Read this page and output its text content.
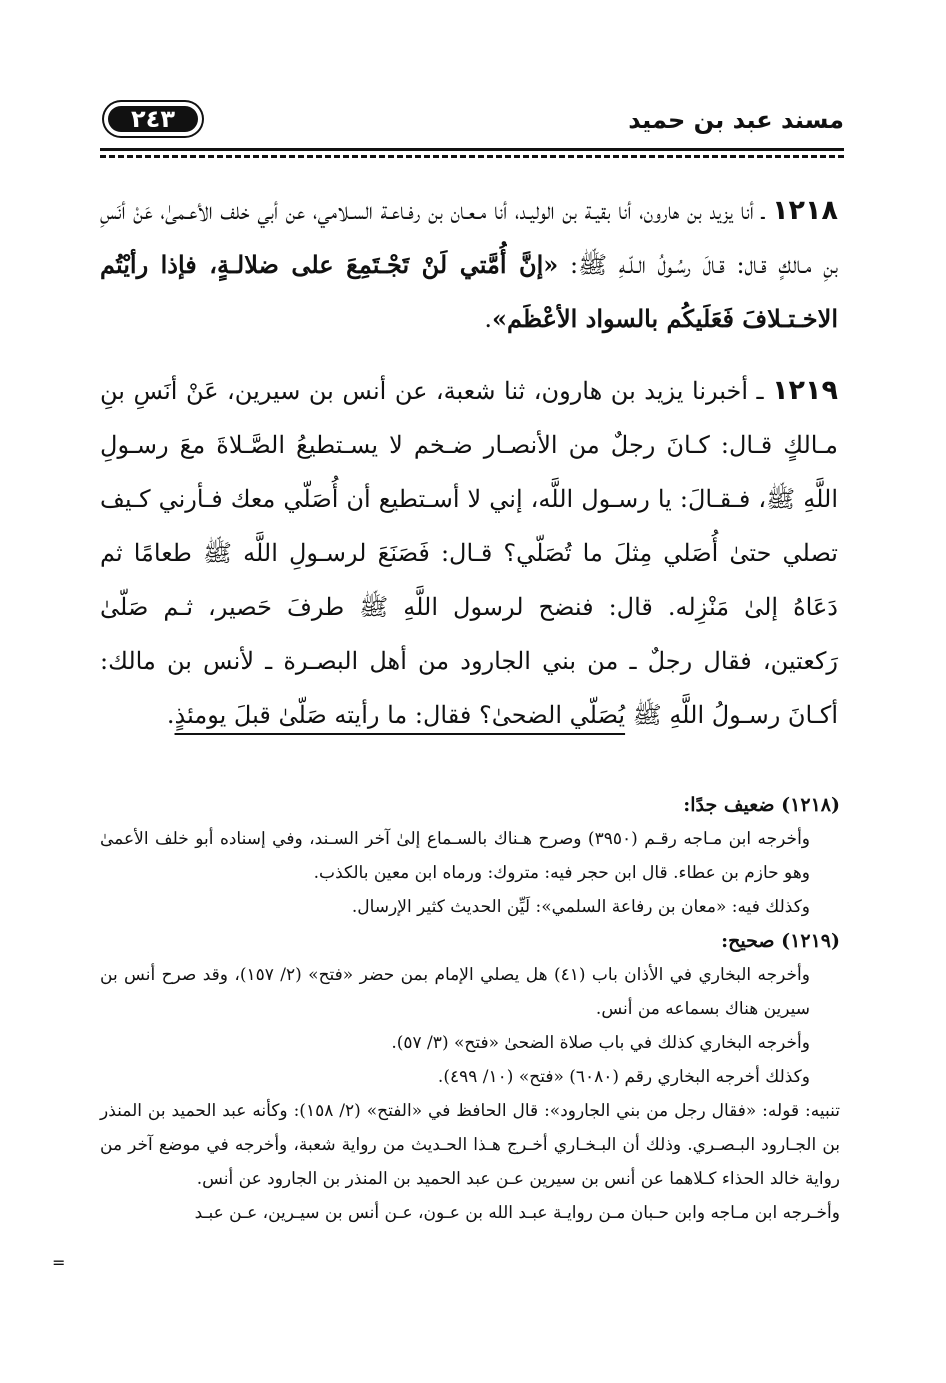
٢٤٣	مسند عبد بن حميد

١٢١٨ ـ أنا يزيد بن هارون، أنا بقيـة بن الوليـد، أنا مـعـان بن رفـاعـة السـلامي، عن أبي خلف الأعـمىٰ، عَنْ أنَسِ بنِ مـالكٍ قـال: قـالَ رسُـولُ الـلّـهِ ﷺ: «إنَّ أُمَّتي لَنْ تَجْـتَمِعَ على ضلالـةٍ، فإذا رأيْتُم الاخـتـلافَ فَعَلَيكُم بالسواد الأعْظَم».

١٢١٩ ـ أخبرنا يزيد بن هارون، ثنا شعبة، عن أنس بن سيرين، عَنْ أنَسِ بنِ مـالكٍ قـال: كـانَ رجلٌ من الأنصـار ضـخم لا يسـتطيعُ الصَّـلاةَ معَ رسـولِ اللَّهِ ﷺ، فـقـالَ: يا رسـول اللَّه، إني لا أسـتطيع أن أُصَلّي معك فـأرني كـيف تصلي حتىٰ أُصَلي مِثلَ ما تُصَلّي؟ قـال: فَصَنَعَ لرسـولِ اللَّه ﷺ طعامًا ثم دَعَاهُ إلىٰ مَنْزِله. قال: فنضح لرسول اللَّهِ ﷺ طرفَ حَصير، ثـم صَلّىٰ رَكعتين، فقال رجلٌ ـ من بني الجارود من أهل البصـرة ـ لأنس بن مالك: أكـانَ رسـولُ اللَّهِ ﷺ يُصَلّي الضحىٰ؟ فقال: ما رأيته صَلّىٰ قبلَ يومئذٍ.

(١٢١٨) ضعيف جدًا:

وأخرجه ابن مـاجه رقـم (٣٩٥٠) وصرح هـناك بالسـماع إلىٰ آخر السـند، وفي إسناده أبو خلف الأعمىٰ وهو حازم بن عطاء. قال ابن حجر فيه: متروك: ورماه ابن معين بالكذب.

وكذلك فيه: «معان بن رفاعة السلمي»: لَيِّن الحديث كثير الإرسال.

(١٢١٩) صحيح:

وأخرجه البخاري في الأذان باب (٤١) هل يصلي الإمام بمن حضر «فتح» (٢/ ١٥٧)، وقد صرح أنس بن سيرين هناك بسماعه من أنس.

وأخرجه البخاري كذلك في باب صلاة الضحىٰ «فتح» (٣/ ٥٧).

وكذلك أخرجه البخاري رقم (٦٠٨٠) «فتح» (١٠/ ٤٩٩).

تنبيه: قوله: «فقال رجل من بني الجارود»: قال الحافظ في «الفتح» (٢/ ١٥٨): وكأنه عبد الحميد بن المنذر بن الجـارود البـصـري. وذلك أن البـخـاري أخـرج هـذا الحـديث من رواية شعبة، وأخرجه في موضع آخر من رواية خالد الحذاء كـلاهما عن أنس بن سيرين عـن عبد الحميد بن المنذر بن الجارود عن أنس.

وأخـرجه ابن مـاجه وابن حـبان مـن روايـة عبـد الله بن عـون، عـن أنس بن سيـرين، عـن عبـد

=
